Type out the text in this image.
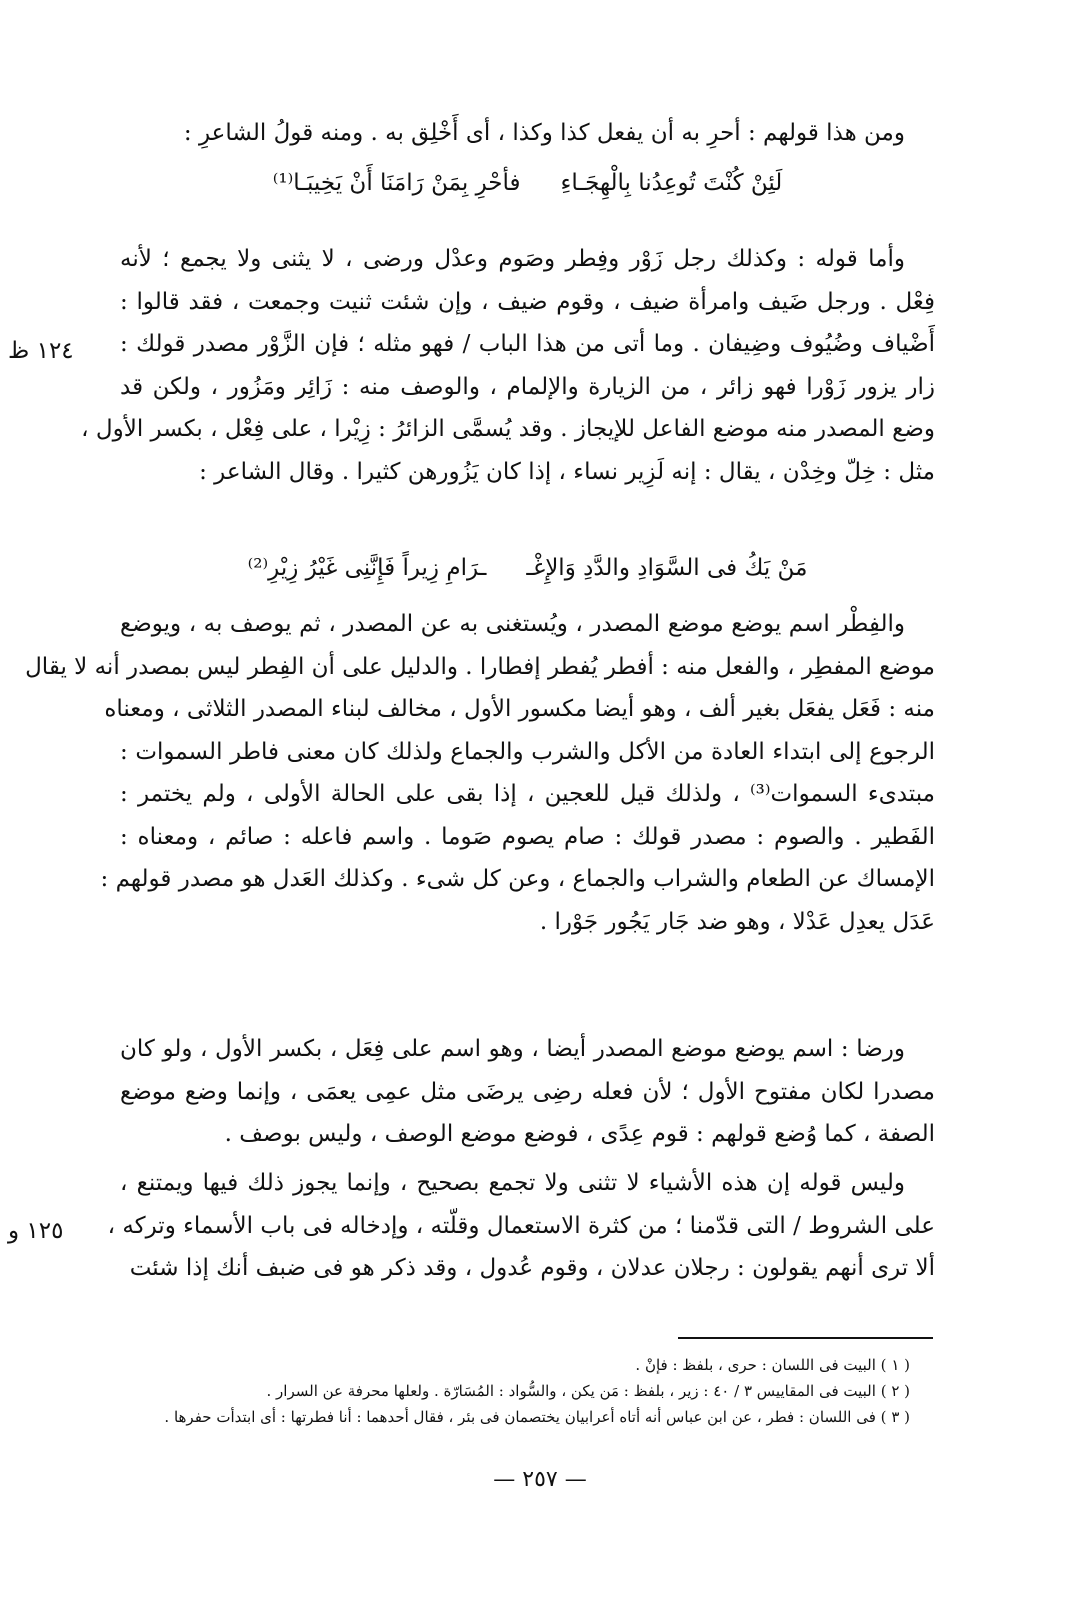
ومن هذا قولهم : أحرِ به أن يفعل كذا وكذا ، أى أَخْلِق به . ومنه قولُ الشاعرِ :
لَئِنْ كُنْتَ تُوعِدُنا بِالْهِجَـاءِ
فأحْرِ بِمَنْ رَامَنَا أَنْ يَخِيبَـا⁽¹⁾
وأما قوله : وكذلك رجل زَوْر وفِطر وصَوم وعدْل ورضى ، لا يثنى ولا يجمع ؛ لأنه
فِعْل . ورجل ضَيف وامرأة ضيف ، وقوم ضيف ، وإن شئت ثنيت وجمعت ، فقد قالوا :
أَضْياف وضُيُوف وضِيفان . وما أتى من هذا الباب / فهو مثله ؛ فإن الزَّوْر مصدر قولك :
زار يزور زَوْرا فهو زائر ، من الزيارة والإلمام ، والوصف منه : زَائِر ومَزُور ، ولكن قد
وضع المصدر منه موضع الفاعل للإيجاز . وقد يُسمَّى الزائرُ : زِيْرا ، على فِعْل ، بكسر الأول ،
مثل : خِلّ وخِدْن ، يقال : إنه لَزِير نساء ، إذا كان يَزُورهن كثيرا . وقال الشاعر :
مَنْ يَكُ فى السَّوَادِ والدَّدِ وَالإِغْـ
ـرَامِ زِيراً فَإِنَّنِى غَيْرُ زِيْرِ⁽²⁾
والفِطْر اسم يوضع موضع المصدر ، ويُستغنى به عن المصدر ، ثم يوصف به ، ويوضع
موضع المفطِر ، والفعل منه : أفطر يُفطر إفطارا . والدليل على أن الفِطر ليس بمصدر أنه لا يقال
منه : فَعَل يفعَل بغير ألف ، وهو أيضا مكسور الأول ، مخالف لبناء المصدر الثلاثى ، ومعناه
الرجوع إلى ابتداء العادة من الأكل والشرب والجماع ولذلك كان معنى فاطر السموات :
مبتدىء السموات⁽³⁾ ، ولذلك قيل للعجين ، إذا بقى على الحالة الأولى ، ولم يختمر :
الفَطير . والصوم : مصدر قولك : صام يصوم صَوما . واسم فاعله : صائم ، ومعناه :
الإمساك عن الطعام والشراب والجماع ، وعن كل شىء . وكذلك العَدل هو مصدر قولهم :
عَدَل يعدِل عَدْلا ، وهو ضد جَار يَجُور جَوْرا .
ورضا : اسم يوضع موضع المصدر أيضا ، وهو اسم على فِعَل ، بكسر الأول ، ولو كان
مصدرا لكان مفتوح الأول ؛ لأن فعله رضِى يرضَى مثل عمِى يعمَى ، وإنما وضع موضع
الصفة ، كما وُضع قولهم : قوم عِدًى ، فوضع موضع الوصف ، وليس بوصف .
وليس قوله إن هذه الأشياء لا تثنى ولا تجمع بصحيح ، وإنما يجوز ذلك فيها ويمتنع ،
على الشروط / التى قدّمنا ؛ من كثرة الاستعمال وقلّته ، وإدخاله فى باب الأسماء وتركه ،
ألا ترى أنهم يقولون : رجلان عدلان ، وقوم عُدول ، وقد ذكر هو فى ضبف أنك إذا شئت
١٢٤ ظ
١٢٥ و
( ١ ) البيت فى اللسان : حرى ، بلفظ : فإنْ .
( ٢ ) البيت فى المقاييس ٣ / ٤٠ : زير ، بلفظ : مَن يكن ، والسُّواد : المُسَارّة . ولعلها محرفة عن السرار .
( ٣ ) فى اللسان : فطر ، عن ابن عباس أنه أتاه أعرابيان يختصمان فى بئر ، فقال أحدهما : أنا فطرتها : أى ابتدأت حفرها .
— ٢٥٧ —
